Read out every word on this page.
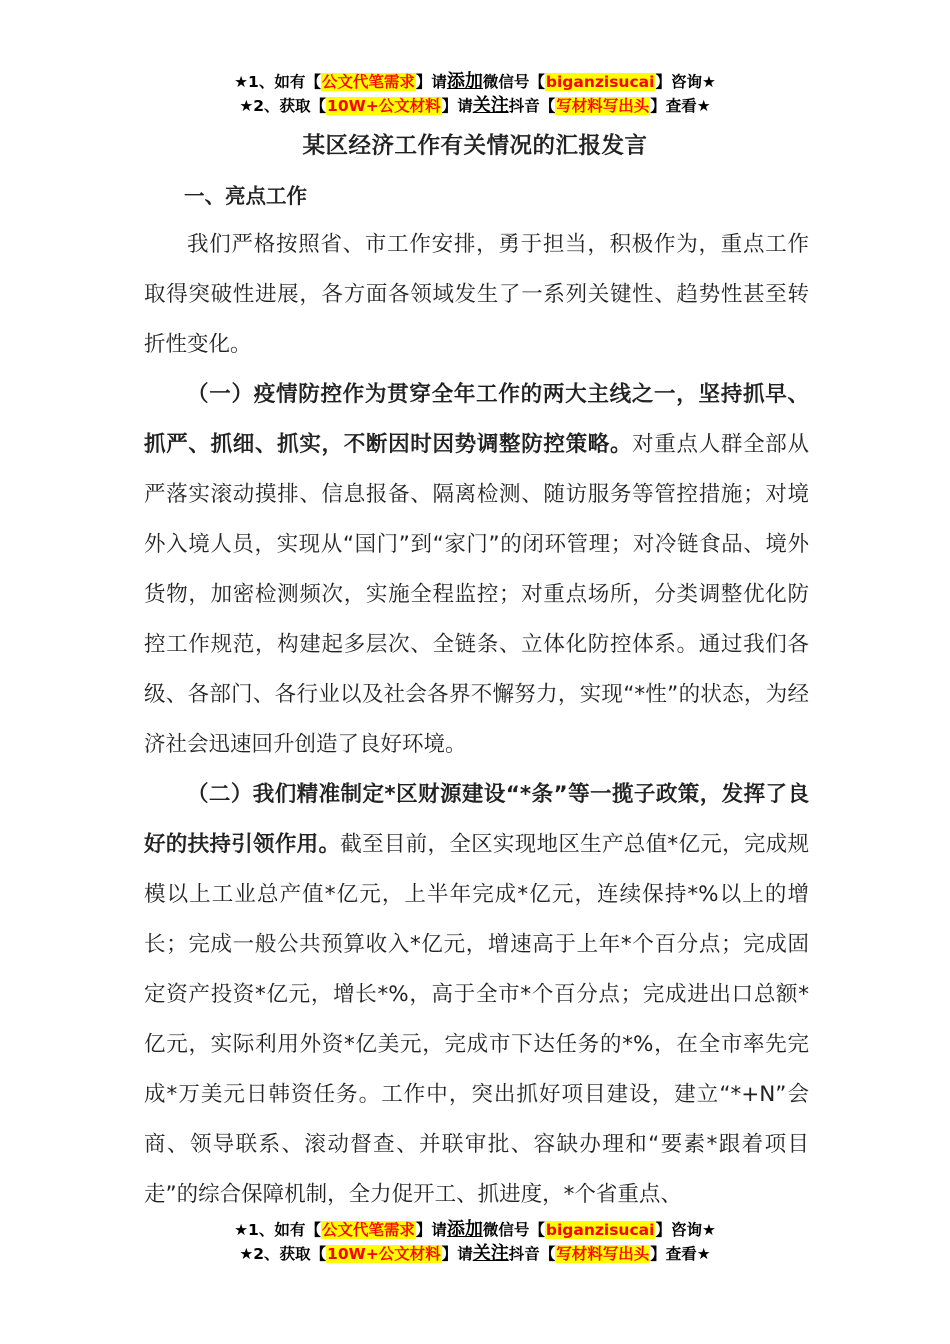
★1、如有【公文代笔需求】请添加微信号【biganzisucai】咨询★
★2、获取【10W+公文材料】请关注抖音【写材料写出头】查看★
某区经济工作有关情况的汇报发言
一、亮点工作

我们严格按照省、市工作安排，勇于担当，积极作为，重点工作取得突破性进展，各方面各领域发生了一系列关键性、趋势性甚至转折性变化。

（一）疫情防控作为贯穿全年工作的两大主线之一，坚持抓早、抓严、抓细、抓实，不断因时因势调整防控策略。对重点人群全部从严落实滚动摸排、信息报备、隔离检测、随访服务等管控措施；对境外入境人员，实现从“国门”到“家门”的闭环管理；对冷链食品、境外货物，加密检测频次，实施全程监控；对重点场所，分类调整优化防控工作规范，构建起多层次、全链条、立体化防控体系。通过我们各级、各部门、各行业以及社会各界不懈努力，实现“*性”的状态，为经济社会迅速回升创造了良好环境。

（二）我们精准制定*区财源建设“*条”等一揽子政策，发挥了良好的扶持引领作用。截至目前，全区实现地区生产总值*亿元，完成规模以上工业总产值*亿元，上半年完成*亿元，连续保持*%以上的增长；完成一般公共预算收入*亿元，增速高于上年*个百分点；完成固定资产投资*亿元，增长*%，高于全市*个百分点；完成进出口总额*亿元，实际利用外资*亿美元，完成市下达任务的*%，在全市率先完成*万美元日韩资任务。工作中，突出抓好项目建设，建立“*+N”会商、领导联系、滚动督查、并联审批、容缺办理和“要素*跟着项目走”的综合保障机制，全力促开工、抓进度，*个省重点、

★1、如有【公文代笔需求】请添加微信号【biganzisucai】咨询★
★2、获取【10W+公文材料】请关注抖音【写材料写出头】查看★
